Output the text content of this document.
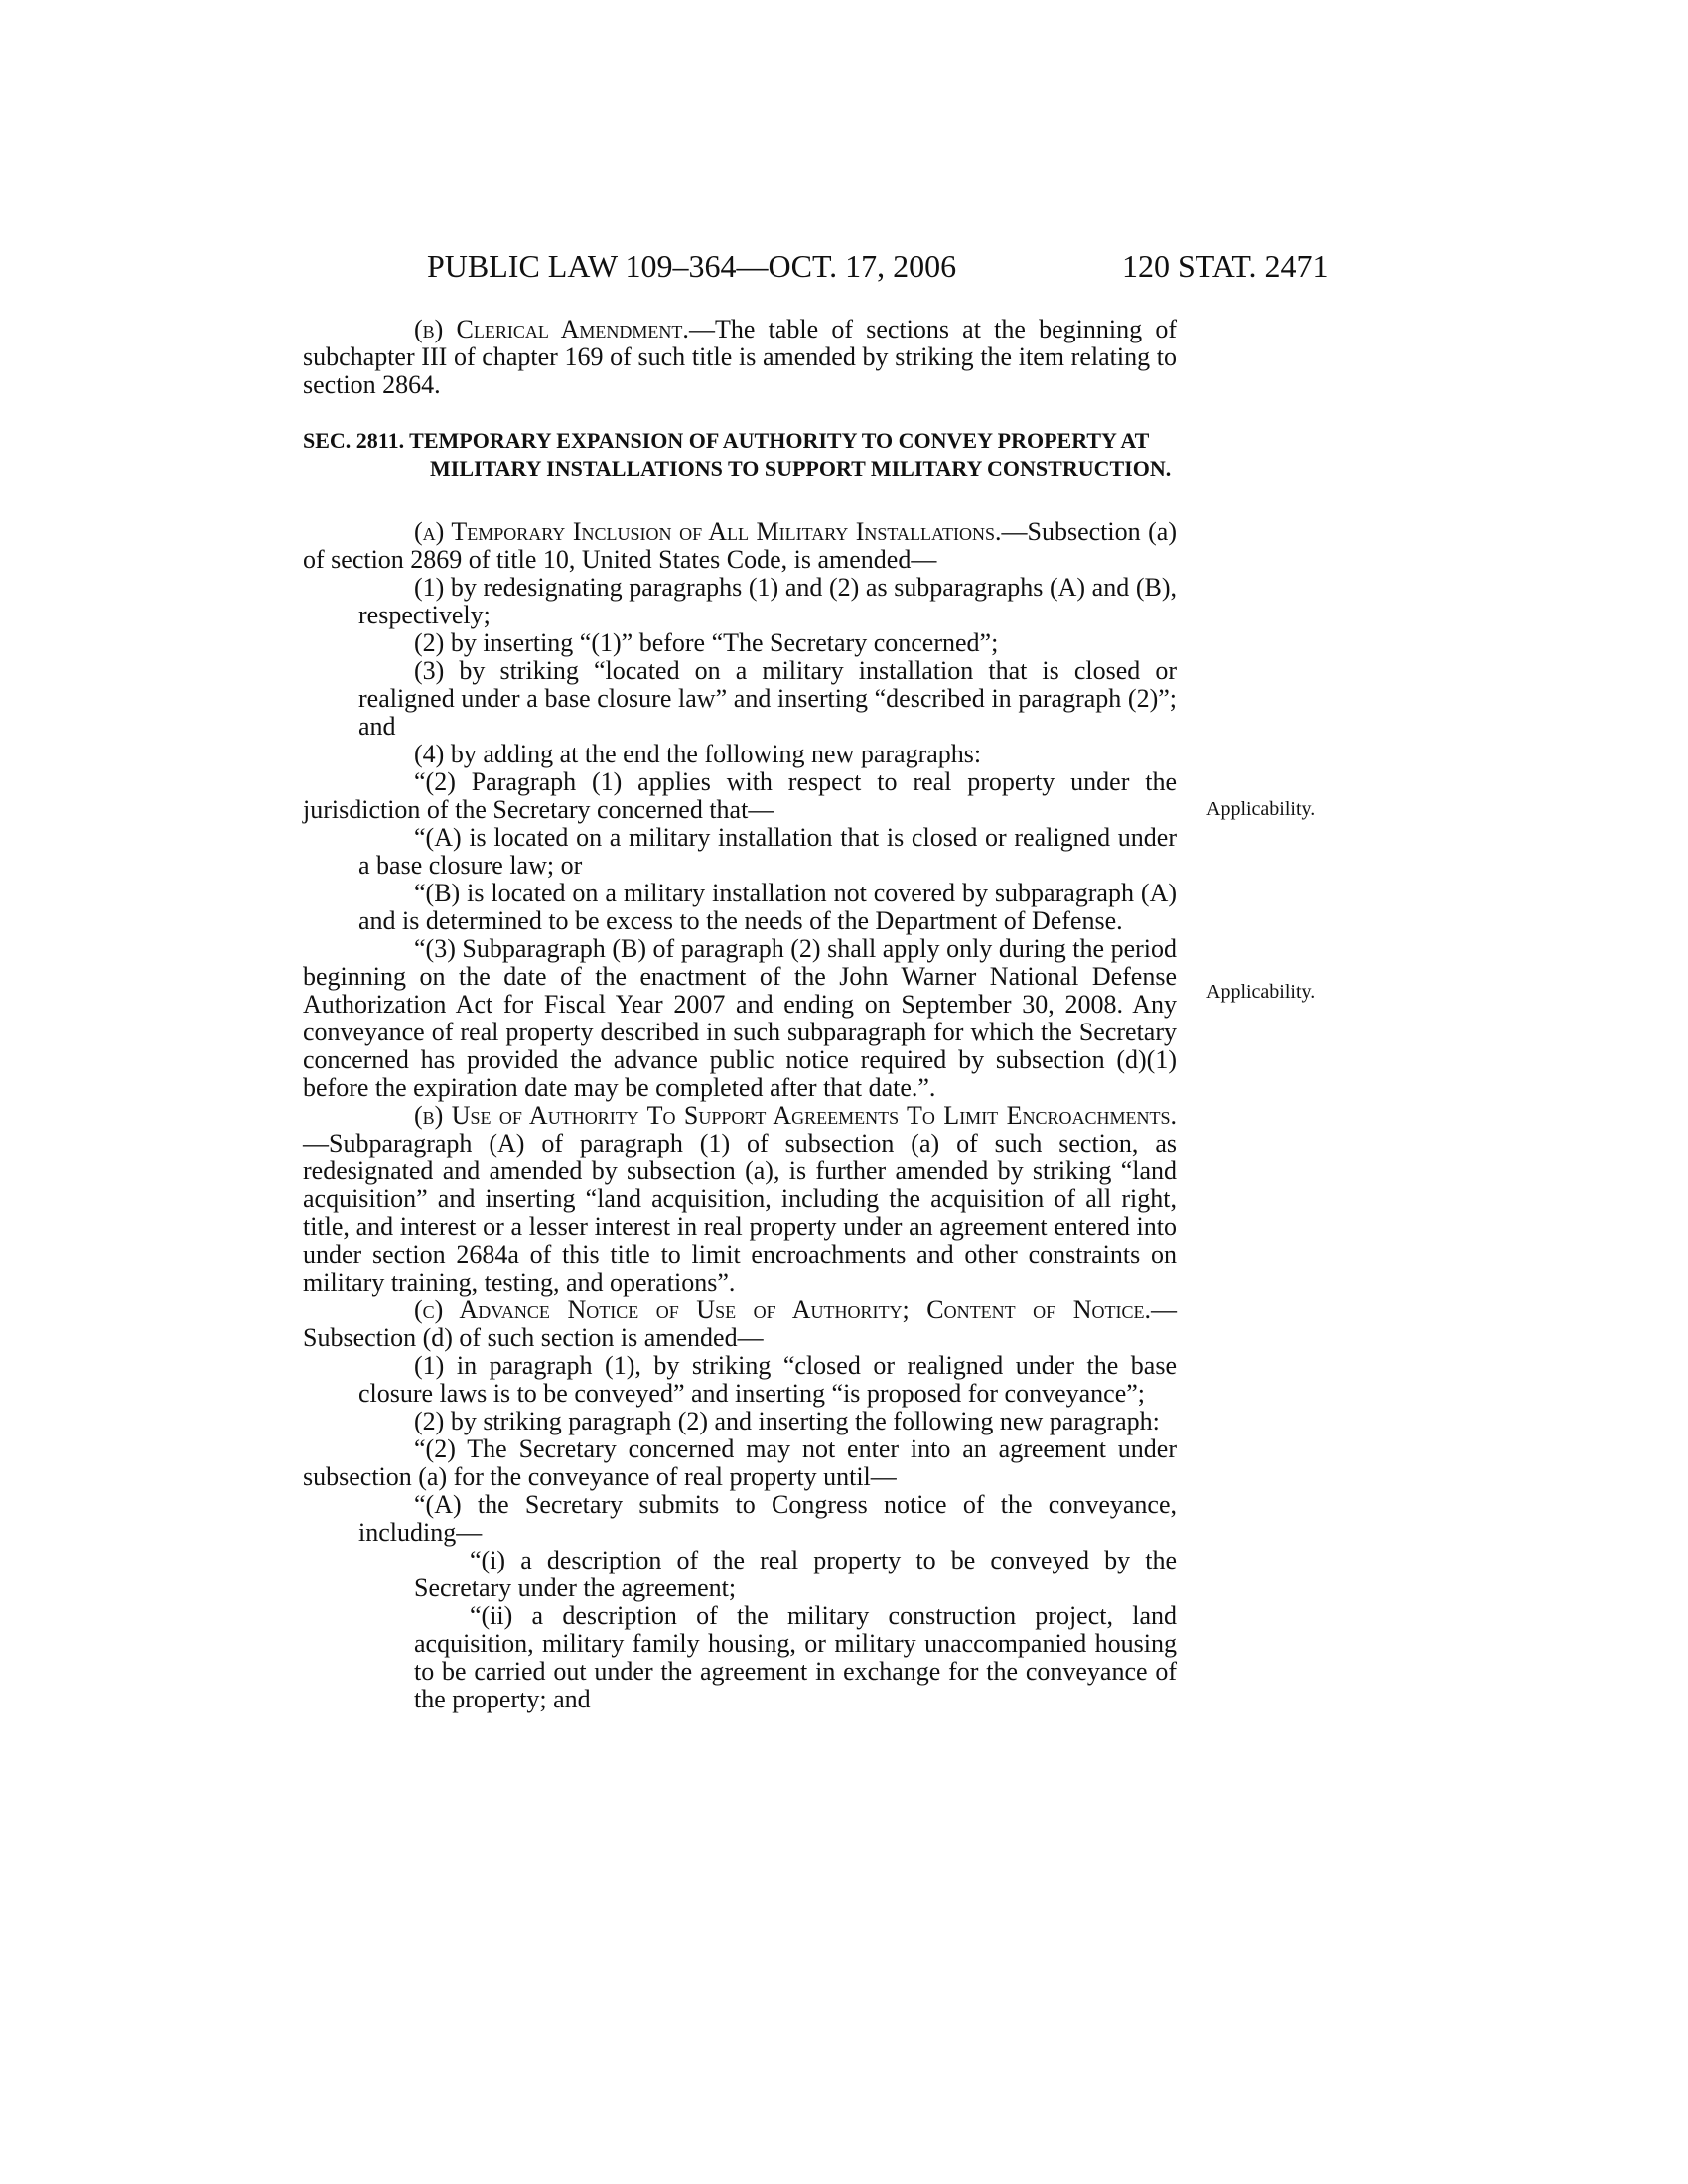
PUBLIC LAW 109–364—OCT. 17, 2006	120 STAT. 2471

(b) Clerical Amendment.—The table of sections at the beginning of subchapter III of chapter 169 of such title is amended by striking the item relating to section 2864.

SEC. 2811. TEMPORARY EXPANSION OF AUTHORITY TO CONVEY PROPERTY AT MILITARY INSTALLATIONS TO SUPPORT MILITARY CONSTRUCTION.

(a) Temporary Inclusion of All Military Installations.—Subsection (a) of section 2869 of title 10, United States Code, is amended—

(1) by redesignating paragraphs (1) and (2) as subparagraphs (A) and (B), respectively;

(2) by inserting “(1)” before “The Secretary concerned”;

(3) by striking “located on a military installation that is closed or realigned under a base closure law” and inserting “described in paragraph (2)”; and

(4) by adding at the end the following new paragraphs:

“(2) Paragraph (1) applies with respect to real property under the jurisdiction of the Secretary concerned that—

“(A) is located on a military installation that is closed or realigned under a base closure law; or

“(B) is located on a military installation not covered by subparagraph (A) and is determined to be excess to the needs of the Department of Defense.

“(3) Subparagraph (B) of paragraph (2) shall apply only during the period beginning on the date of the enactment of the John Warner National Defense Authorization Act for Fiscal Year 2007 and ending on September 30, 2008. Any conveyance of real property described in such subparagraph for which the Secretary concerned has provided the advance public notice required by subsection (d)(1) before the expiration date may be completed after that date.”.

(b) Use of Authority To Support Agreements To Limit Encroachments.—Subparagraph (A) of paragraph (1) of subsection (a) of such section, as redesignated and amended by subsection (a), is further amended by striking “land acquisition” and inserting “land acquisition, including the acquisition of all right, title, and interest or a lesser interest in real property under an agreement entered into under section 2684a of this title to limit encroachments and other constraints on military training, testing, and operations”.

(c) Advance Notice of Use of Authority; Content of Notice.—Subsection (d) of such section is amended—

(1) in paragraph (1), by striking “closed or realigned under the base closure laws is to be conveyed” and inserting “is proposed for conveyance”;

(2) by striking paragraph (2) and inserting the following new paragraph:

“(2) The Secretary concerned may not enter into an agreement under subsection (a) for the conveyance of real property until—

“(A) the Secretary submits to Congress notice of the conveyance, including—

“(i) a description of the real property to be conveyed by the Secretary under the agreement;

“(ii) a description of the military construction project, land acquisition, military family housing, or military unaccompanied housing to be carried out under the agreement in exchange for the conveyance of the property; and

Applicability.
Applicability.
